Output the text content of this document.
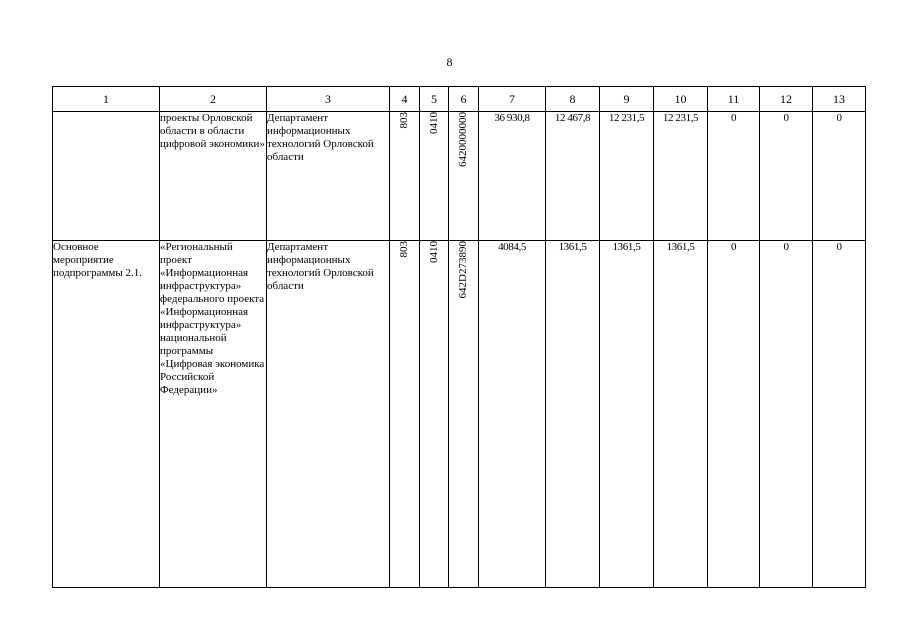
8
1	2	3	4	5	6	7	8	9	10	11	12	13
	проекты Орловской области в области цифровой экономики»	Департамент информационных технологий Орловской области	803	0410	6420000000	36 930,8	12 467,8	12 231,5	12 231,5	0	0	0
Основное мероприятие подпрограммы 2.1.	«Региональный проект «Информационная инфраструктура» федерального проекта «Информационная инфраструктура» национальной программы «Цифровая экономика Российской Федерации»	Департамент информационных технологий Орловской области	803	0410	642D273890	4084,5	1361,5	1361,5	1361,5	0	0	0
